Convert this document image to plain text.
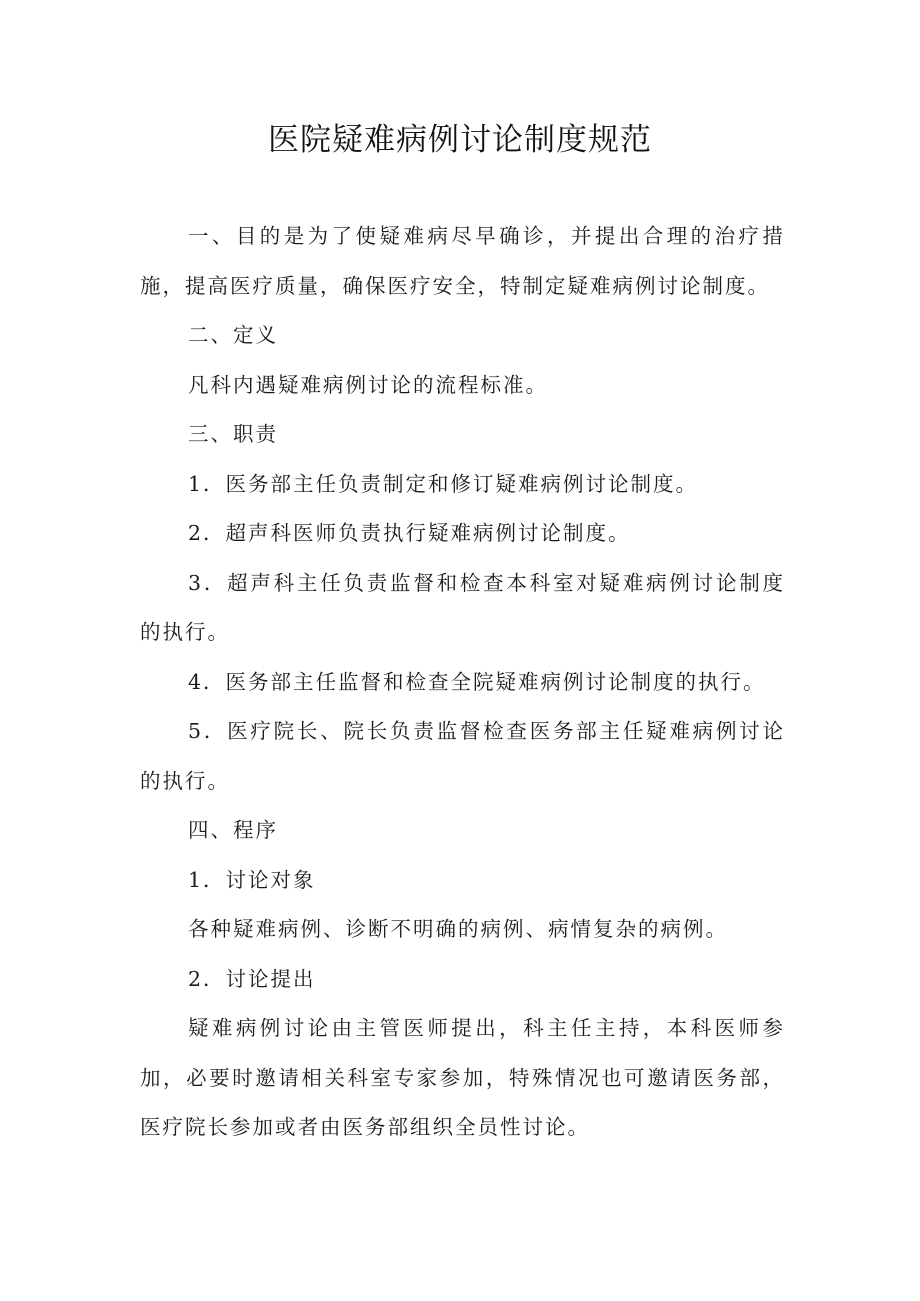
医院疑难病例讨论制度规范

一、目的是为了使疑难病尽早确诊，并提出合理的治疗措施，提高医疗质量，确保医疗安全，特制定疑难病例讨论制度。

二、定义

凡科内遇疑难病例讨论的流程标准。

三、职责

1．医务部主任负责制定和修订疑难病例讨论制度。

2．超声科医师负责执行疑难病例讨论制度。

3．超声科主任负责监督和检查本科室对疑难病例讨论制度的执行。

4．医务部主任监督和检查全院疑难病例讨论制度的执行。

5．医疗院长、院长负责监督检查医务部主任疑难病例讨论的执行。

四、程序

1．讨论对象

各种疑难病例、诊断不明确的病例、病情复杂的病例。

2．讨论提出

疑难病例讨论由主管医师提出，科主任主持，本科医师参加，必要时邀请相关科室专家参加，特殊情况也可邀请医务部，医疗院长参加或者由医务部组织全员性讨论。
